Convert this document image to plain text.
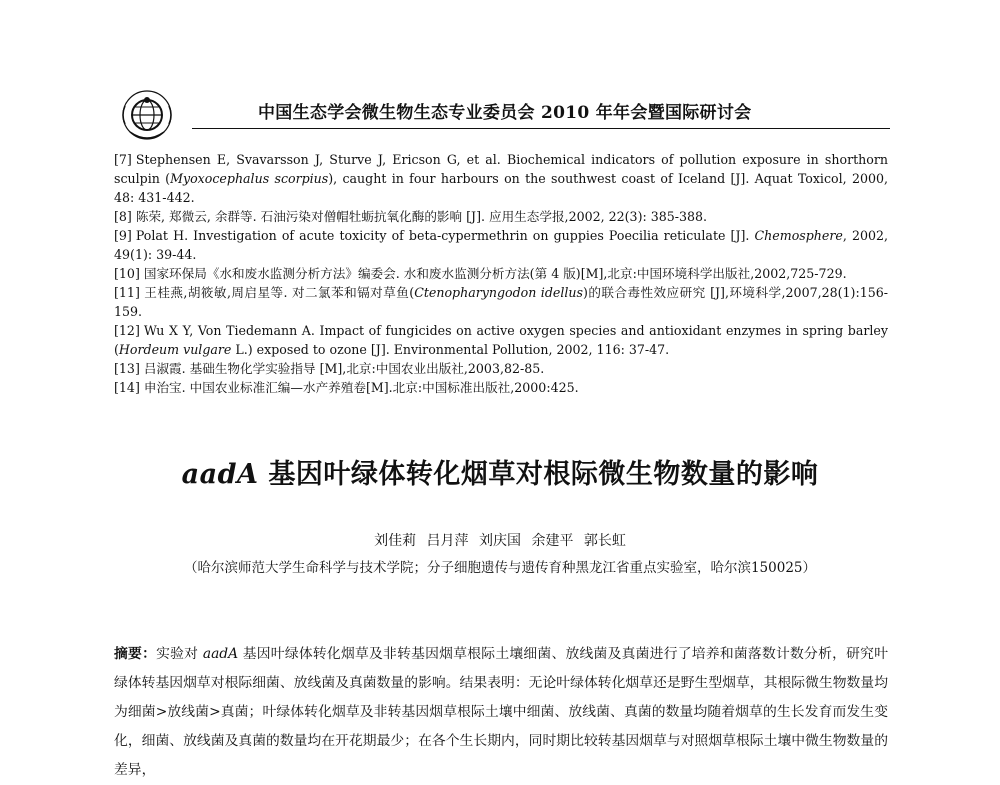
中国生态学会微生物生态专业委员会 2010 年年会暨国际研讨会

[7] Stephensen E, Svavarsson J, Sturve J, Ericson G, et al. Biochemical indicators of pollution exposure in shorthorn sculpin (Myoxocephalus scorpius), caught in four harbours on the southwest coast of Iceland [J]. Aquat Toxicol, 2000, 48: 431-442.

[8] 陈荣, 郑微云, 余群等. 石油污染对僧帽牡蛎抗氧化酶的影响 [J]. 应用生态学报,2002, 22(3): 385-388.

[9] Polat H. Investigation of acute toxicity of beta-cypermethrin on guppies Poecilia reticulate [J]. Chemosphere, 2002, 49(1): 39-44.

[10] 国家环保局《水和废水监测分析方法》编委会. 水和废水监测分析方法(第 4 版)[M],北京:中国环境科学出版社,2002,725-729.

[11] 王桂燕,胡筱敏,周启星等. 对二氯苯和镉对草鱼(Ctenopharyngodon idellus)的联合毒性效应研究 [J],环境科学,2007,28(1):156-159.

[12] Wu X Y, Von Tiedemann A. Impact of fungicides on active oxygen species and antioxidant enzymes in spring barley (Hordeum vulgare L.) exposed to ozone [J]. Environmental Pollution, 2002, 116: 37-47.

[13] 吕淑霞. 基础生物化学实验指导 [M],北京:中国农业出版社,2003,82-85.

[14] 申治宝. 中国农业标准汇编—水产养殖卷[M].北京:中国标准出版社,2000:425.

aadA 基因叶绿体转化烟草对根际微生物数量的影响
刘佳莉 吕月萍 刘庆国 余建平 郭长虹
（哈尔滨师范大学生命科学与技术学院；分子细胞遗传与遗传育种黑龙江省重点实验室，哈尔滨150025）
摘要：实验对 aadA 基因叶绿体转化烟草及非转基因烟草根际土壤细菌、放线菌及真菌进行了培养和菌落数计数分析，研究叶绿体转基因烟草对根际细菌、放线菌及真菌数量的影响。结果表明：无论叶绿体转化烟草还是野生型烟草，其根际微生物数量均为细菌>放线菌>真菌；叶绿体转化烟草及非转基因烟草根际土壤中细菌、放线菌、真菌的数量均随着烟草的生长发育而发生变化，细菌、放线菌及真菌的数量均在开花期最少；在各个生长期内，同时期比较转基因烟草与对照烟草根际土壤中微生物数量的差异，
